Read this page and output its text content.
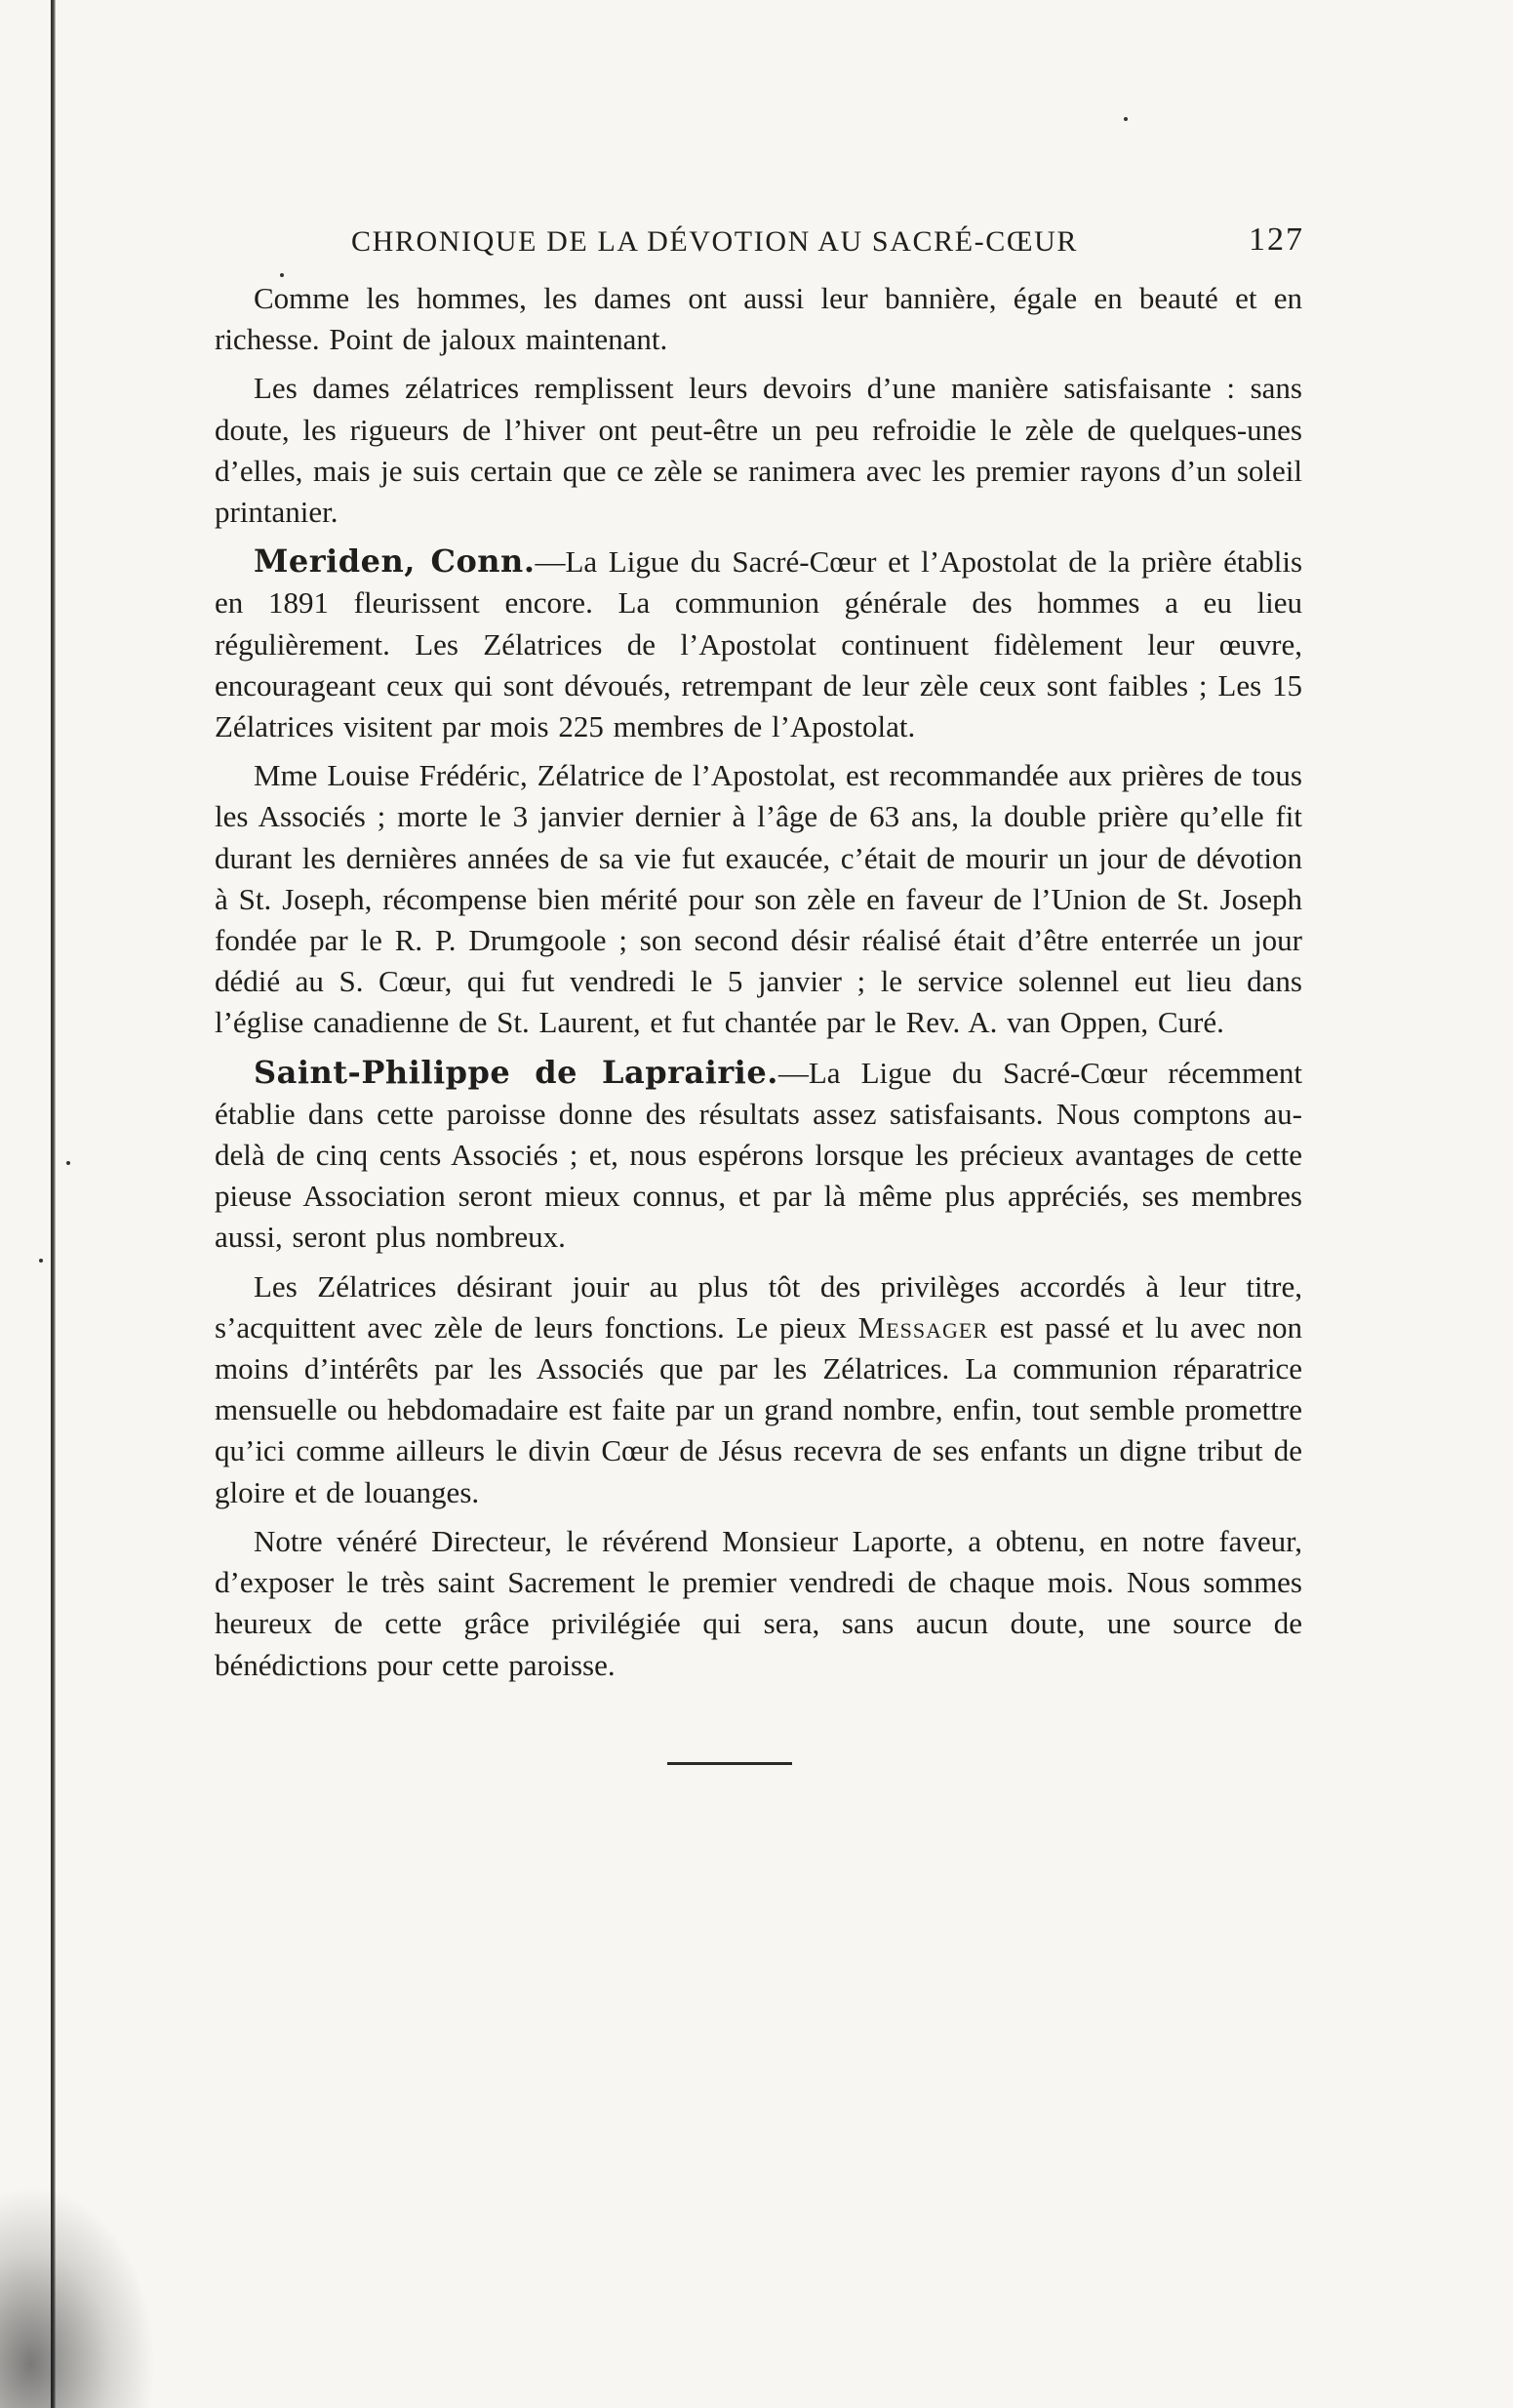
CHRONIQUE DE LA DÉVOTION AU SACRÉ-CŒUR	127

Comme les hommes, les dames ont aussi leur bannière, égale en beauté et en richesse. Point de jaloux maintenant.

Les dames zélatrices remplissent leurs devoirs d’une manière satisfaisante : sans doute, les rigueurs de l’hiver ont peut-être un peu refroidie le zèle de quelques-unes d’elles, mais je suis certain que ce zèle se ranimera avec les premier rayons d’un soleil printanier.

Meriden, Conn.—La Ligue du Sacré-Cœur et l’Apostolat de la prière établis en 1891 fleurissent encore. La communion générale des hommes a eu lieu régulièrement. Les Zélatrices de l’Apostolat continuent fidèlement leur œuvre, encourageant ceux qui sont dévoués, retrempant de leur zèle ceux sont faibles ; Les 15 Zélatrices visitent par mois 225 membres de l’Apostolat.

Mme Louise Frédéric, Zélatrice de l’Apostolat, est recommandée aux prières de tous les Associés ; morte le 3 janvier dernier à l’âge de 63 ans, la double prière qu’elle fit durant les dernières années de sa vie fut exaucée, c’était de mourir un jour de dévotion à St. Joseph, récompense bien mérité pour son zèle en faveur de l’Union de St. Joseph fondée par le R. P. Drumgoole ; son second désir réalisé était d’être enterrée un jour dédié au S. Cœur, qui fut vendredi le 5 janvier ; le service solennel eut lieu dans l’église canadienne de St. Laurent, et fut chantée par le Rev. A. van Oppen, Curé.

Saint-Philippe de Laprairie.—La Ligue du Sacré-Cœur récemment établie dans cette paroisse donne des résultats assez satisfaisants. Nous comptons au-delà de cinq cents Associés ; et, nous espérons lorsque les précieux avantages de cette pieuse Association seront mieux connus, et par là même plus appréciés, ses membres aussi, seront plus nombreux.

Les Zélatrices désirant jouir au plus tôt des privilèges accordés à leur titre, s’acquittent avec zèle de leurs fonctions. Le pieux Messager est passé et lu avec non moins d’intérêts par les Associés que par les Zélatrices. La communion réparatrice mensuelle ou hebdomadaire est faite par un grand nombre, enfin, tout semble promettre qu’ici comme ailleurs le divin Cœur de Jésus recevra de ses enfants un digne tribut de gloire et de louanges.

Notre vénéré Directeur, le révérend Monsieur Laporte, a obtenu, en notre faveur, d’exposer le très saint Sacrement le premier vendredi de chaque mois. Nous sommes heureux de cette grâce privilégiée qui sera, sans aucun doute, une source de bénédictions pour cette paroisse.
